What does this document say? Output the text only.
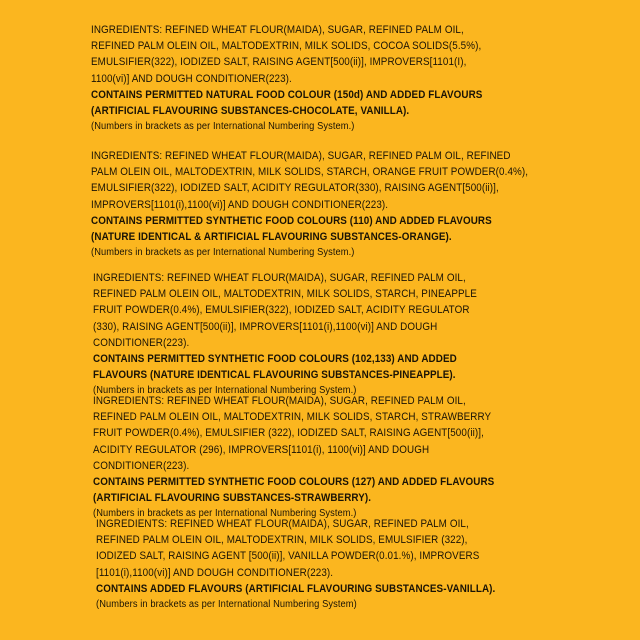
INGREDIENTS: REFINED WHEAT FLOUR(MAIDA), SUGAR, REFINED PALM OIL,
REFINED PALM OLEIN OIL, MALTODEXTRIN, MILK SOLIDS, COCOA SOLIDS(5.5%),
EMULSIFIER(322), IODIZED SALT, RAISING AGENT[500(ii)], IMPROVERS[1101(I),
1100(vi)] AND DOUGH CONDITIONER(223).
CONTAINS PERMITTED NATURAL FOOD COLOUR (150d) AND ADDED FLAVOURS
(ARTIFICIAL FLAVOURING SUBSTANCES-CHOCOLATE, VANILLA).
(Numbers in brackets as per International Numbering System.)
INGREDIENTS: REFINED WHEAT FLOUR(MAIDA), SUGAR, REFINED PALM OIL, REFINED
PALM OLEIN OIL, MALTODEXTRIN, MILK SOLIDS, STARCH, ORANGE FRUIT POWDER(0.4%),
EMULSIFIER(322), IODIZED SALT, ACIDITY REGULATOR(330), RAISING AGENT[500(ii)],
IMPROVERS[1101(i),1100(vi)] AND DOUGH CONDITIONER(223).
CONTAINS PERMITTED SYNTHETIC FOOD COLOURS (110) AND ADDED FLAVOURS
(NATURE IDENTICAL & ARTIFICIAL FLAVOURING SUBSTANCES-ORANGE).
(Numbers in brackets as per International Numbering System.)
INGREDIENTS: REFINED WHEAT FLOUR(MAIDA), SUGAR, REFINED PALM OIL,
REFINED PALM OLEIN OIL, MALTODEXTRIN, MILK SOLIDS, STARCH, PINEAPPLE
FRUIT POWDER(0.4%), EMULSIFIER(322), IODIZED SALT, ACIDITY REGULATOR
(330), RAISING AGENT[500(ii)], IMPROVERS[1101(i),1100(vi)] AND DOUGH
CONDITIONER(223).
CONTAINS PERMITTED SYNTHETIC FOOD COLOURS (102,133) AND ADDED
FLAVOURS (NATURE IDENTICAL FLAVOURING SUBSTANCES-PINEAPPLE).
(Numbers in brackets as per International Numbering System.)
INGREDIENTS: REFINED WHEAT FLOUR(MAIDA), SUGAR, REFINED PALM OIL,
REFINED PALM OLEIN OIL, MALTODEXTRIN, MILK SOLIDS, STARCH, STRAWBERRY
FRUIT POWDER(0.4%), EMULSIFIER (322), IODIZED SALT, RAISING AGENT[500(ii)],
ACIDITY REGULATOR (296), IMPROVERS[1101(i), 1100(vi)] AND DOUGH
CONDITIONER(223).
CONTAINS PERMITTED SYNTHETIC FOOD COLOURS (127) AND ADDED FLAVOURS
(ARTIFICIAL FLAVOURING SUBSTANCES-STRAWBERRY).
(Numbers in brackets as per International Numbering System.)
INGREDIENTS: REFINED WHEAT FLOUR(MAIDA), SUGAR, REFINED PALM OIL,
REFINED PALM OLEIN OIL, MALTODEXTRIN, MILK SOLIDS, EMULSIFIER (322),
IODIZED SALT, RAISING AGENT [500(ii)], VANILLA POWDER(0.01.%), IMPROVERS
[1101(i),1100(vi)] AND DOUGH CONDITIONER(223).
CONTAINS ADDED FLAVOURS (ARTIFICIAL FLAVOURING SUBSTANCES-VANILLA).
(Numbers in brackets as per International Numbering System)
